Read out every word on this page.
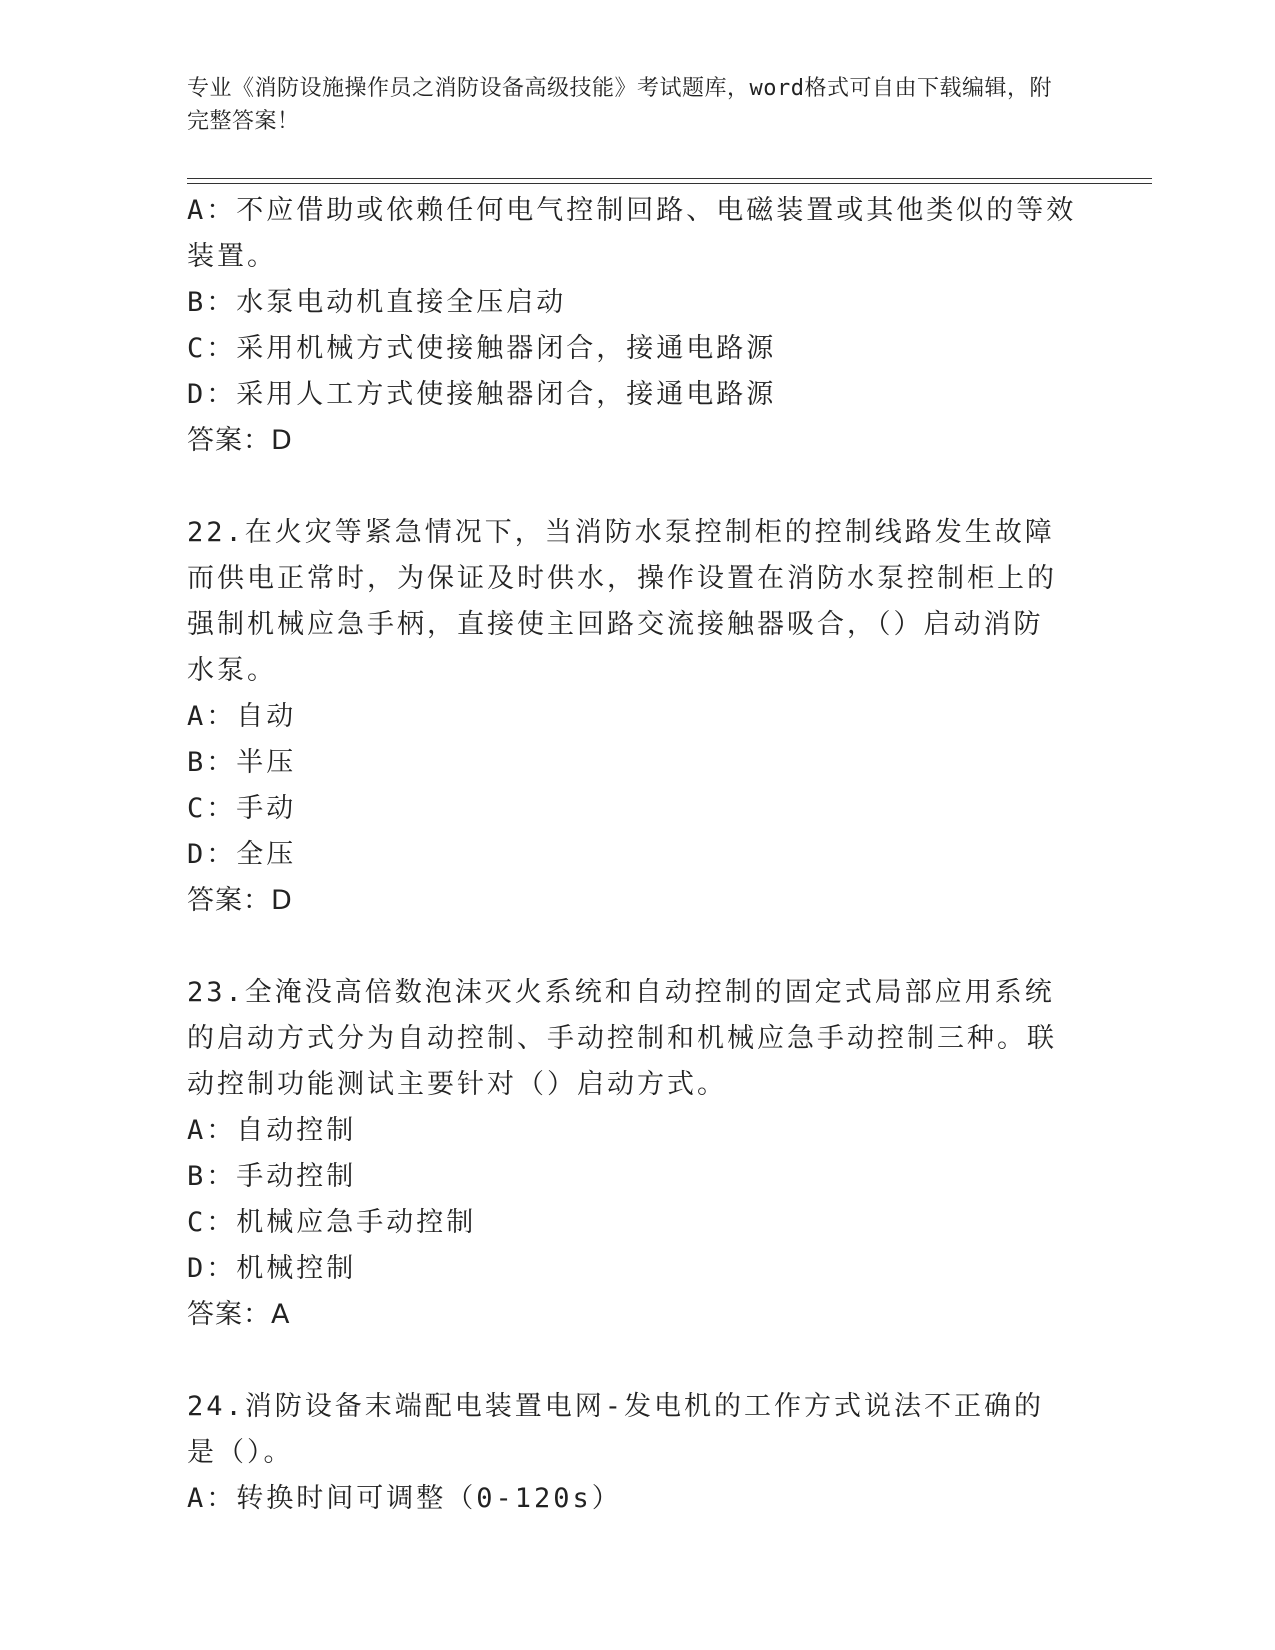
专业《消防设施操作员之消防设备高级技能》考试题库，word格式可自由下载编辑，附完整答案！
A：不应借助或依赖任何电气控制回路、电磁装置或其他类似的等效装置。
B：水泵电动机直接全压启动
C：采用机械方式使接触器闭合，接通电路源
D：采用人工方式使接触器闭合，接通电路源
答案：D
22.在火灾等紧急情况下，当消防水泵控制柜的控制线路发生故障而供电正常时，为保证及时供水，操作设置在消防水泵控制柜上的强制机械应急手柄，直接使主回路交流接触器吸合，（）启动消防水泵。
A：自动
B：半压
C：手动
D：全压
答案：D
23.全淹没高倍数泡沫灭火系统和自动控制的固定式局部应用系统的启动方式分为自动控制、手动控制和机械应急手动控制三种。联动控制功能测试主要针对（）启动方式。
A：自动控制
B：手动控制
C：机械应急手动控制
D：机械控制
答案：A
24.消防设备末端配电装置电网-发电机的工作方式说法不正确的是（）。
A：转换时间可调整（0-120s）
